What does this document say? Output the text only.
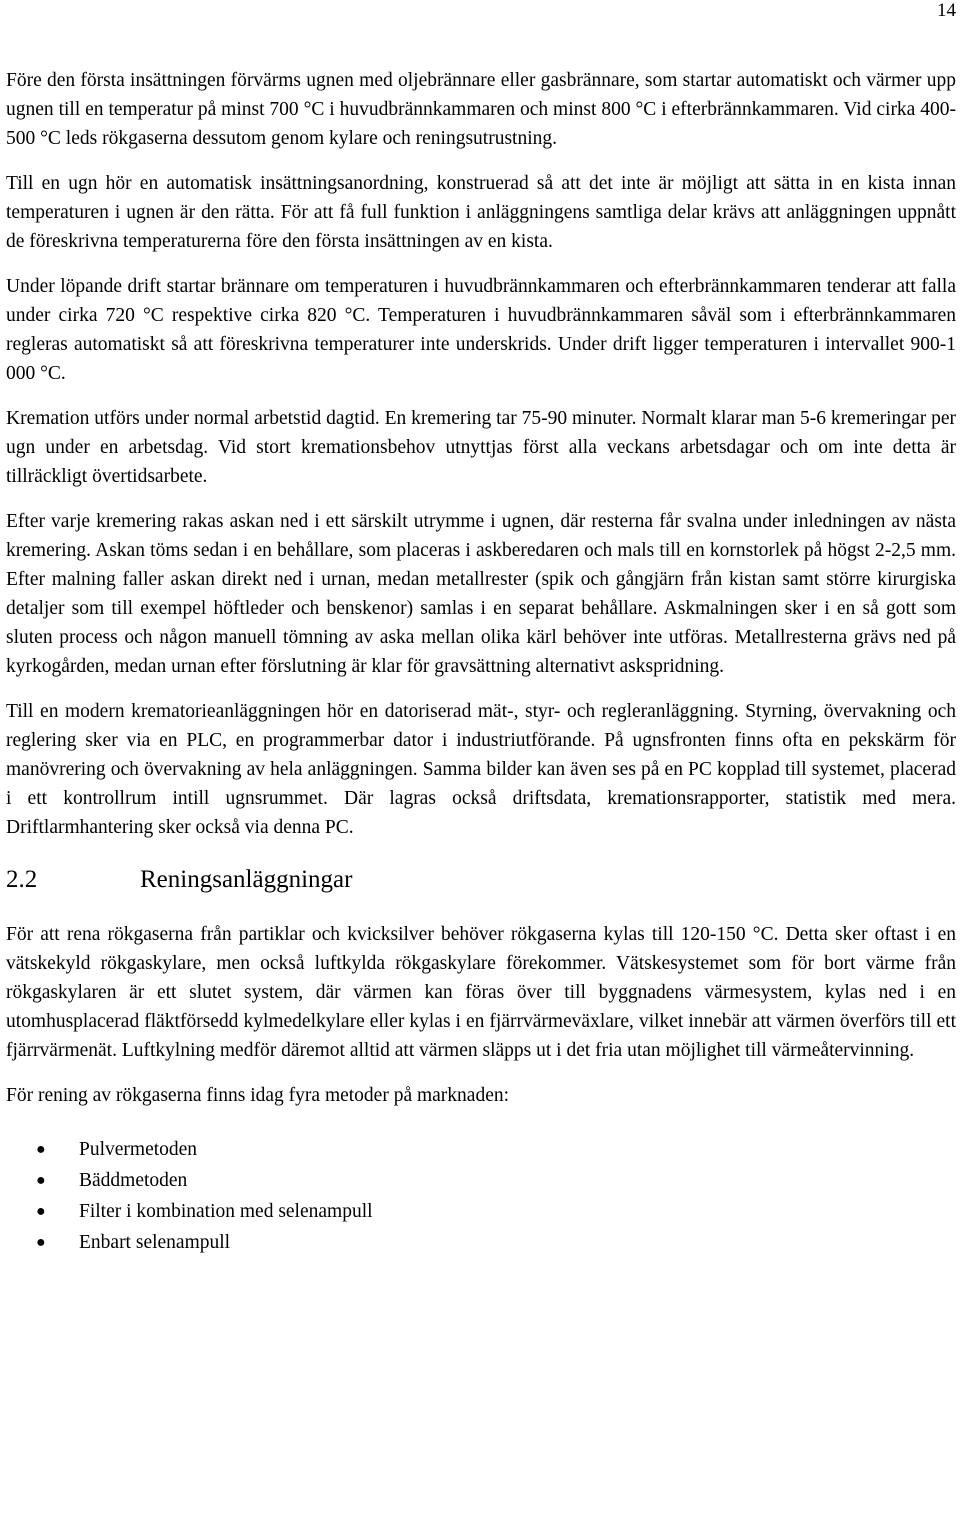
14

Före den första insättningen förvärms ugnen med oljebrännare eller gasbrännare, som startar automatiskt och värmer upp ugnen till en temperatur på minst 700 °C i huvudbrännkammaren och minst 800 °C i efterbrännkammaren. Vid cirka 400-500 °C leds rökgaserna dessutom genom kylare och reningsutrustning.

Till en ugn hör en automatisk insättningsanordning, konstruerad så att det inte är möjligt att sätta in en kista innan temperaturen i ugnen är den rätta. För att få full funktion i anläggningens samtliga delar krävs att anläggningen uppnått de föreskrivna temperaturerna före den första insättningen av en kista.

Under löpande drift startar brännare om temperaturen i huvudbrännkammaren och efterbrännkammaren tenderar att falla under cirka 720 °C respektive cirka 820 °C. Temperaturen i huvudbrännkammaren såväl som i efterbrännkammaren regleras automatiskt så att föreskrivna temperaturer inte underskrids. Under drift ligger temperaturen i intervallet 900-1 000 °C.

Kremation utförs under normal arbetstid dagtid. En kremering tar 75-90 minuter. Normalt klarar man 5-6 kremeringar per ugn under en arbetsdag. Vid stort kremationsbehov utnyttjas först alla veckans arbetsdagar och om inte detta är tillräckligt övertidsarbete.

Efter varje kremering rakas askan ned i ett särskilt utrymme i ugnen, där resterna får svalna under inledningen av nästa kremering. Askan töms sedan i en behållare, som placeras i askberedaren och mals till en kornstorlek på högst 2-2,5 mm. Efter malning faller askan direkt ned i urnan, medan metallrester (spik och gångjärn från kistan samt större kirurgiska detaljer som till exempel höftleder och benskenor) samlas i en separat behållare. Askmalningen sker i en så gott som sluten process och någon manuell tömning av aska mellan olika kärl behöver inte utföras. Metallresterna grävs ned på kyrkogården, medan urnan efter förslutning är klar för gravsättning alternativt askspridning.

Till en modern krematorieanläggningen hör en datoriserad mät-, styr- och regleranläggning. Styrning, övervakning och reglering sker via en PLC, en programmerbar dator i industriutförande. På ugnsfronten finns ofta en pekskärm för manövrering och övervakning av hela anläggningen. Samma bilder kan även ses på en PC kopplad till systemet, placerad i ett kontrollrum intill ugnsrummet. Där lagras också driftsdata, kremationsrapporter, statistik med mera. Driftlarmhantering sker också via denna PC.

2.2	Reningsanläggningar

För att rena rökgaserna från partiklar och kvicksilver behöver rökgaserna kylas till 120-150 °C. Detta sker oftast i en vätskekyld rökgaskylare, men också luftkylda rökgaskylare förekommer. Vätskesystemet som för bort värme från rökgaskylaren är ett slutet system, där värmen kan föras över till byggnadens värmesystem, kylas ned i en utomhusplacerad fläktförsedd kylmedelkylare eller kylas i en fjärrvärmeväxlare, vilket innebär att värmen överförs till ett fjärrvärmenät. Luftkylning medför däremot alltid att värmen släpps ut i det fria utan möjlighet till värmeåtervinning.

För rening av rökgaserna finns idag fyra metoder på marknaden:

●	Pulvermetoden
●	Bäddmetoden
●	Filter i kombination med selenampull
●	Enbart selenampull
